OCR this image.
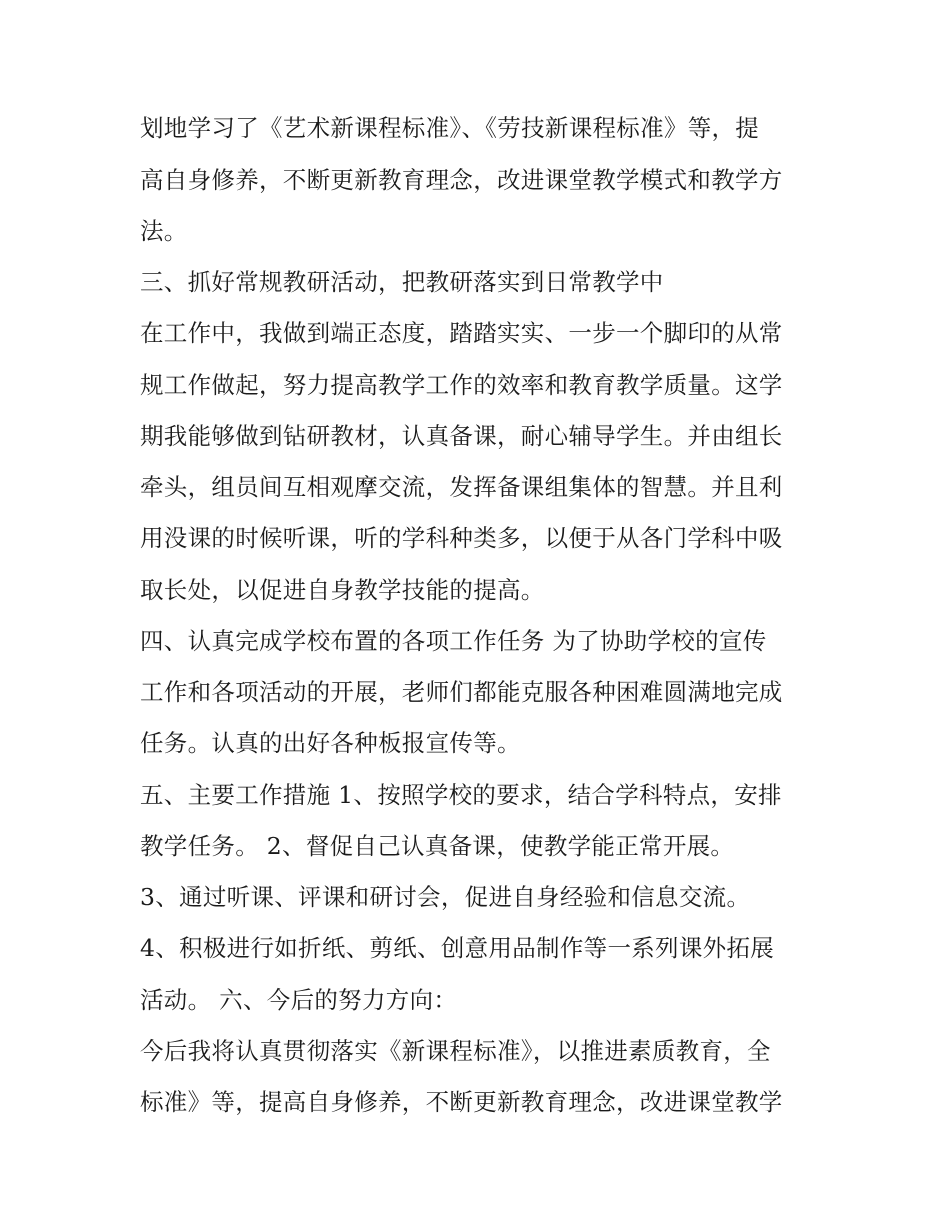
划地学习了《艺术新课程标准》、《劳技新课程标准》等，提
高自身修养，不断更新教育理念，改进课堂教学模式和教学方
法。
三、抓好常规教研活动，把教研落实到日常教学中
在工作中，我做到端正态度，踏踏实实、一步一个脚印的从常
规工作做起，努力提高教学工作的效率和教育教学质量。这学
期我能够做到钻研教材，认真备课，耐心辅导学生。并由组长
牵头，组员间互相观摩交流，发挥备课组集体的智慧。并且利
用没课的时候听课，听的学科种类多，以便于从各门学科中吸
取长处，以促进自身教学技能的提高。
四、认真完成学校布置的各项工作任务 为了协助学校的宣传
工作和各项活动的开展，老师们都能克服各种困难圆满地完成
任务。认真的出好各种板报宣传等。
五、主要工作措施 1、按照学校的要求，结合学科特点，安排
教学任务。 2、督促自己认真备课，使教学能正常开展。
3、通过听课、评课和研讨会，促进自身经验和信息交流。
4、积极进行如折纸、剪纸、创意用品制作等一系列课外拓展
活动。 六、今后的努力方向：
今后我将认真贯彻落实《新课程标准》，以推进素质教育，全
标准》等，提高自身修养，不断更新教育理念，改进课堂教学
